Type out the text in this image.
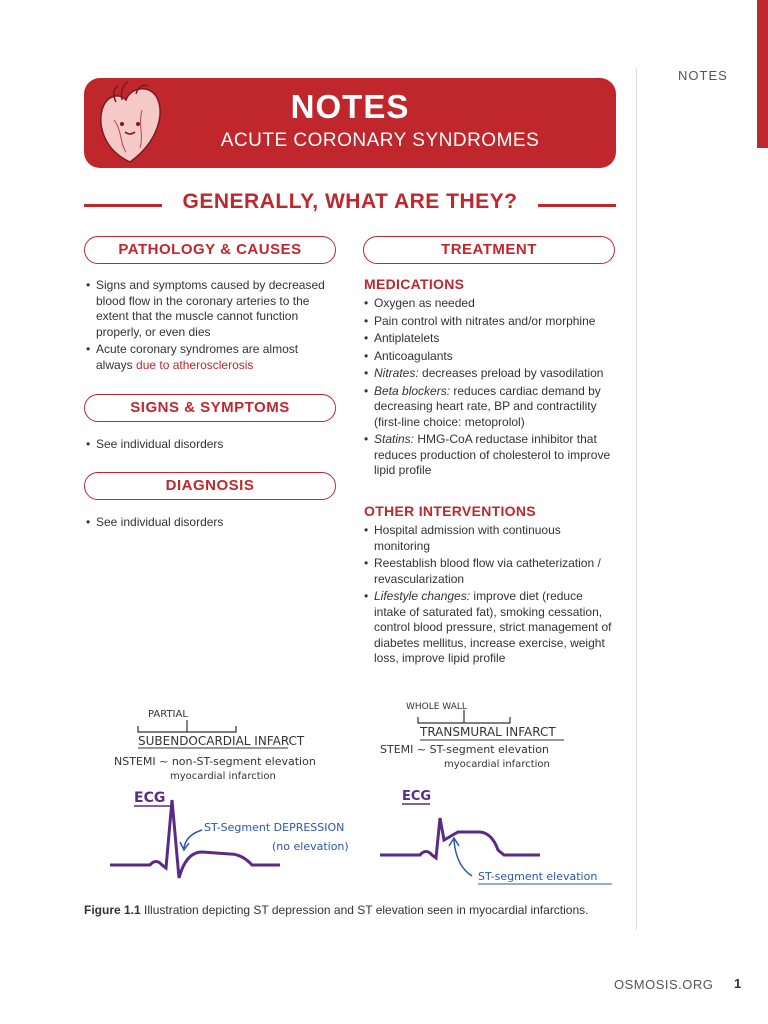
NOTES
NOTES
ACUTE CORONARY SYNDROMES
GENERALLY, WHAT ARE THEY?
PATHOLOGY & CAUSES
• Signs and symptoms caused by decreased blood flow in the coronary arteries to the extent that the muscle cannot function properly, or even dies
• Acute coronary syndromes are almost always due to atherosclerosis
SIGNS & SYMPTOMS
• See individual disorders
DIAGNOSIS
• See individual disorders
TREATMENT
MEDICATIONS
• Oxygen as needed
• Pain control with nitrates and/or morphine
• Antiplatelets
• Anticoagulants
• Nitrates: decreases preload by vasodilation
• Beta blockers: reduces cardiac demand by decreasing heart rate, BP and contractility (first-line choice: metoprolol)
• Statins: HMG-CoA reductase inhibitor that reduces production of cholesterol to improve lipid profile
OTHER INTERVENTIONS
• Hospital admission with continuous monitoring
• Reestablish blood flow via catheterization / revascularization
• Lifestyle changes: improve diet (reduce intake of saturated fat), smoking cessation, control blood pressure, strict management of diabetes mellitus, increase exercise, weight loss, improve lipid profile
PARTIAL
SUBENDOCARDIAL INFARCT
NSTEMI ~ non-ST-segment elevation
myocardial infarction
ECG
ST-Segment DEPRESSION
(no elevation)
WHOLE WALL
TRANSMURAL INFARCT
STEMI ~ ST-segment elevation
myocardial infarction
ECG
ST-segment elevation
Figure 1.1 Illustration depicting ST depression and ST elevation seen in myocardial infarctions.
OSMOSIS.ORG 1
